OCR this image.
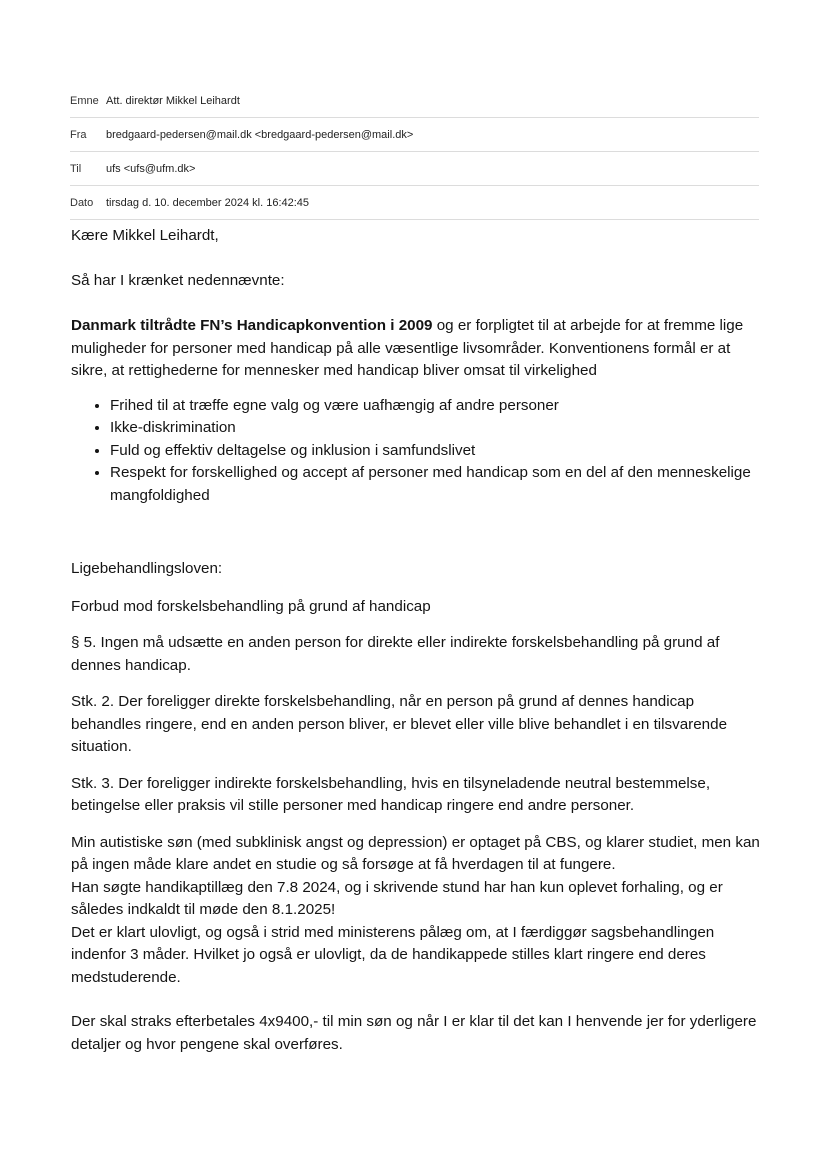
Emne Att. direktør Mikkel Leihardt
Fra	bredgaard-pedersen@mail.dk <bredgaard-pedersen@mail.dk>
Til	ufs <ufs@ufm.dk>
Dato	tirsdag d. 10. december 2024 kl. 16:42:45

Kære Mikkel Leihardt,

Så har I krænket nedennævnte:

Danmark tiltrådte FN’s Handicapkonvention i 2009 og er forpligtet til at arbejde for at fremme lige muligheder for personer med handicap på alle væsentlige livsområder. Konventionens formål er at sikre, at rettighederne for mennesker med handicap bliver omsat til virkelighed

• Frihed til at træffe egne valg og være uafhængig af andre personer
• Ikke-diskrimination
• Fuld og effektiv deltagelse og inklusion i samfundslivet
• Respekt for forskellighed og accept af personer med handicap som en del af den menneskelige mangfoldighed

Ligebehandlingsloven:

Forbud mod forskelsbehandling på grund af handicap

§ 5. Ingen må udsætte en anden person for direkte eller indirekte forskelsbehandling på grund af dennes handicap.

Stk. 2. Der foreligger direkte forskelsbehandling, når en person på grund af dennes handicap behandles ringere, end en anden person bliver, er blevet eller ville blive behandlet i en tilsvarende situation.

Stk. 3. Der foreligger indirekte forskelsbehandling, hvis en tilsyneladende neutral bestemmelse, betingelse eller praksis vil stille personer med handicap ringere end andre personer.

Min autistiske søn (med subklinisk angst og depression) er optaget på CBS, og klarer studiet, men kan på ingen måde klare andet en studie og så forsøge at få hverdagen til at fungere.
Han søgte handikaptillæg den 7.8 2024, og i skrivende stund har han kun oplevet forhaling, og er således indkaldt til møde den 8.1.2025!
Det er klart ulovligt, og også i strid med ministerens pålæg om, at I færdiggør sagsbehandlingen indenfor 3 måder. Hvilket jo også er ulovligt, da de handikappede stilles klart ringere end deres medstuderende.

Der skal straks efterbetales 4x9400,- til min søn og når I er klar til det kan I henvende jer for yderligere detaljer og hvor pengene skal overføres.
